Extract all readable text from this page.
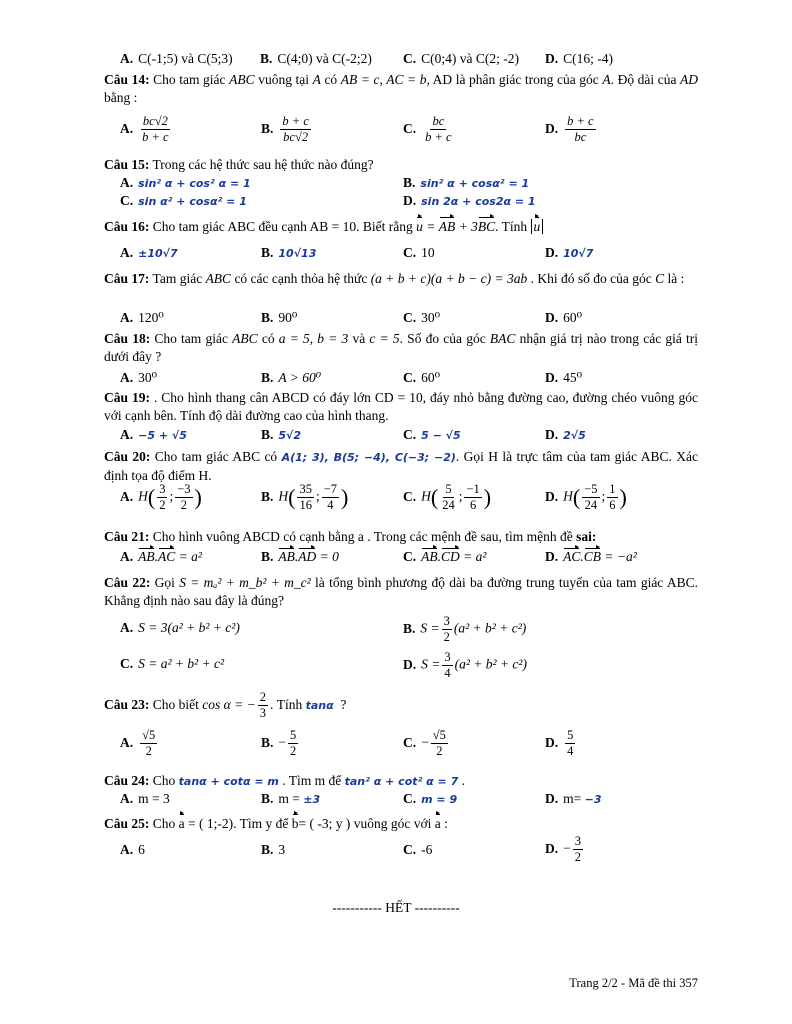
A. C(-1;5) và C(5;3) B. C(4;0) và C(-2;2) C. C(0;4) và C(2; -2) D. C(16; -4)
Câu 14: Cho tam giác ABC vuông tại A có AB = c, AC = b, AD là phân giác trong của góc A. Độ dài của AD bằng :
A. $\frac{bc√2}{b + c}$	B. $\frac{b + c}{bc√2}$	C. $\frac{bc}{b + c}$	D. $\frac{b + c}{bc}$
Câu 15: Trong các hệ thức sau hệ thức nào đúng?
A. sin² α + cos² α = 1	B. sin² α + cosα² = 1
C. sin α² + cosα² = 1	D. sin 2α + cos2α = 1
Câu 16: Cho tam giác ABC đều cạnh AB = 10. Biết rằng u = AB + 3BC. Tính u
A. ±10√7	B. 10√13	C. 10	D. 10√7
Câu 17: Tam giác ABC có các cạnh thỏa hệ thức (a + b + c)(a + b − c) = 3ab . Khi đó số đo của góc C là :
A. 120⁰	B. 90⁰	C. 30⁰	D. 60⁰
Câu 18: Cho tam giác ABC có a = 5, b = 3 và c = 5. Số đo của góc BAC nhận giá trị nào trong các giá trị dưới đây ?
A. 30⁰	B. A > 60⁰	C. 60⁰	D. 45⁰
Câu 19: . Cho hình thang cân ABCD có đáy lớn CD = 10, đáy nhỏ bằng đường cao, đường chéo vuông góc với cạnh bên. Tính độ dài đường cao của hình thang.
A. −5 + √5	B. 5√2	C. 5 − √5	D. 2√5
Câu 20: Cho tam giác ABC có A(1; 3), B(5; −4), C(−3; −2). Gọi H là trực tâm của tam giác ABC. Xác định tọa độ điểm H.
A. $H( \frac{3}{2}$ ; $\frac{-3}{2}$ )	B. $H( \frac{35}{16}$ ; $\frac{-7}{4}$ )	C. $H( \frac{5}{24}$ ; $\frac{-1}{6}$ )	D. $H( \frac{-5}{24}$ ; $\frac{1}{6}$ )
Câu 21: Cho hình vuông ABCD có cạnh bằng a . Trong các mệnh đề sau, tìm mệnh đề sai:
A. AB.AC = a²	B. AB.AD = 0	C. AB.CD = a²	D. AC.CB = −a²
Câu 22: Gọi S = mₐ² + m_b² + m_c² là tổng bình phương độ dài ba đường trung tuyến của tam giác ABC. Khẳng định nào sau đây là đúng?
A. S = 3(a² + b² + c²)	B. $S = \frac{3}{2} (a^2 + b^2 + c^2)$
C. S = a² + b² + c²	D. $S = \frac{3}{4} (a^2 + b^2 + c^2)$
Câu 23: Cho biết cos α = − $\frac{2}{3}$ . Tính tanα ?
A. $\frac{√5}{2}$	B. − $\frac{5}{2}$	C. − $\frac{√5}{2}$	D. $\frac{5}{4}$
Câu 24: Cho tanα + cotα = m . Tìm m để tan² α + cot² α = 7 .
A. m = 3	B. m = ±3	C. m = 9	D. m= −3
Câu 25: Cho a = ( 1;-2). Tìm y để b= ( -3; y ) vuông góc với a :
A. 6	B. 3	C. -6	D. − $\frac{3}{2}$
----------- HẾT ----------
Trang 2/2 - Mã đề thi 357
